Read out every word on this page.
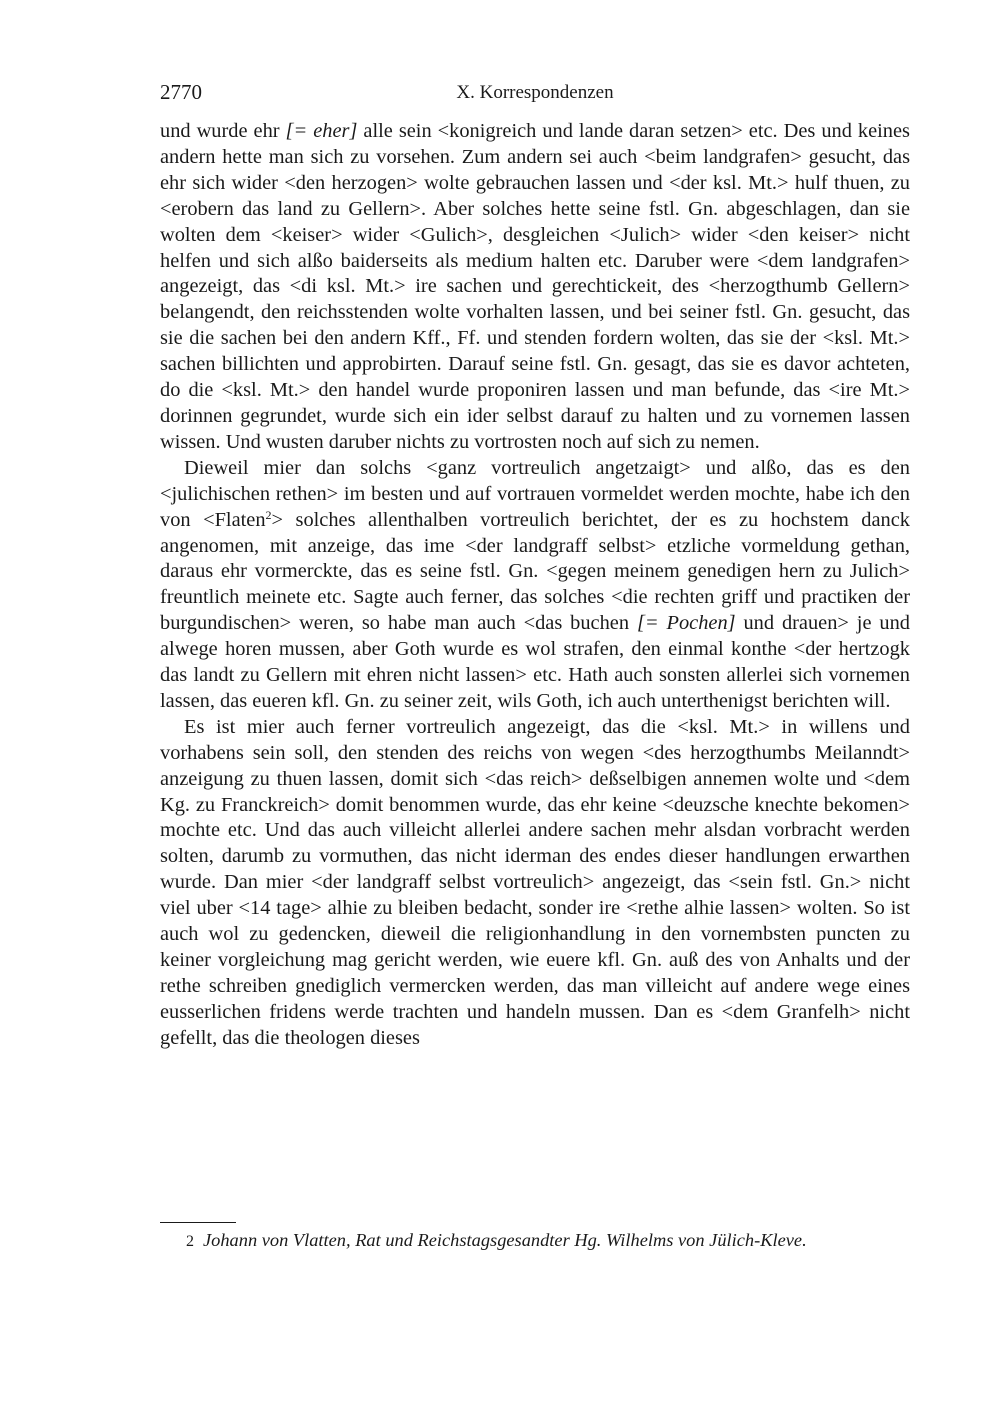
2770	X. Korrespondenzen

und wurde ehr [= eher] alle sein <konigreich und lande daran setzen> etc. Des und keines andern hette man sich zu vorsehen. Zum andern sei auch <beim landgrafen> gesucht, das ehr sich wider <den herzogen> wolte gebrauchen lassen und <der ksl. Mt.> hulf thuen, zu <erobern das land zu Gellern>. Aber solches hette seine fstl. Gn. abgeschlagen, dan sie wolten dem <keiser> wider <Gulich>, desgleichen <Julich> wider <den keiser> nicht helfen und sich alßo baiderseits als medium halten etc. Daruber were <dem landgrafen> angezeigt, das <di ksl. Mt.> ire sachen und gerechtickeit, des <herzogthumb Gellern> belangendt, den reichsstenden wolte vorhalten lassen, und bei seiner fstl. Gn. gesucht, das sie die sachen bei den andern Kff., Ff. und stenden fordern wolten, das sie der <ksl. Mt.> sachen billichten und approbirten. Darauf seine fstl. Gn. gesagt, das sie es davor achteten, do die <ksl. Mt.> den handel wurde proponiren lassen und man befunde, das <ire Mt.> dorinnen gegrundet, wurde sich ein ider selbst darauf zu halten und zu vornemen lassen wissen. Und wusten daruber nichts zu vortrosten noch auf sich zu nemen.

Dieweil mier dan solchs <ganz vortreulich angetzaigt> und alßo, das es den <julichischen rethen> im besten und auf vortrauen vormeldet werden mochte, habe ich den von <Flaten$^2$> solches allenthalben vortreulich berichtet, der es zu hochstem danck angenomen, mit anzeige, das ime <der landgraff selbst> etzliche vormeldung gethan, daraus ehr vormerckte, das es seine fstl. Gn. <gegen meinem genedigen hern zu Julich> freuntlich meinete etc. Sagte auch ferner, das solches <die rechten griff und practiken der burgundischen> weren, so habe man auch <das buchen [= Pochen] und drauen> je und alwege horen mussen, aber Goth wurde es wol strafen, den einmal konthe <der hertzogk das landt zu Gellern mit ehren nicht lassen> etc. Hath auch sonsten allerlei sich vornemen lassen, das eueren kfl. Gn. zu seiner zeit, wils Goth, ich auch unterthenigst berichten will.

Es ist mier auch ferner vortreulich angezeigt, das die <ksl. Mt.> in willens und vorhabens sein soll, den stenden des reichs von wegen <des herzogthumbs Meilanndt> anzeigung zu thuen lassen, domit sich <das reich> deßselbigen annemen wolte und <dem Kg. zu Franckreich> domit benommen wurde, das ehr keine <deuzsche knechte bekomen> mochte etc. Und das auch villeicht allerlei andere sachen mehr alsdan vorbracht werden solten, darumb zu vormuthen, das nicht iderman des endes dieser handlungen erwarthen wurde. Dan mier <der landgraff selbst vortreulich> angezeigt, das <sein fstl. Gn.> nicht viel uber <14 tage> alhie zu bleiben bedacht, sonder ire <rethe alhie lassen> wolten. So ist auch wol zu gedencken, dieweil die religionhandlung in den vornembsten puncten zu keiner vorgleichung mag gericht werden, wie euere kfl. Gn. auß des von Anhalts und der rethe schreiben gnediglich vermercken werden, das man villeicht auf andere wege eines eusserlichen fridens werde trachten und handeln mussen. Dan es <dem Granfelh> nicht gefellt, das die theologen dieses

2 Johann von Vlatten, Rat und Reichstagsgesandter Hg. Wilhelms von Jülich-Kleve.
